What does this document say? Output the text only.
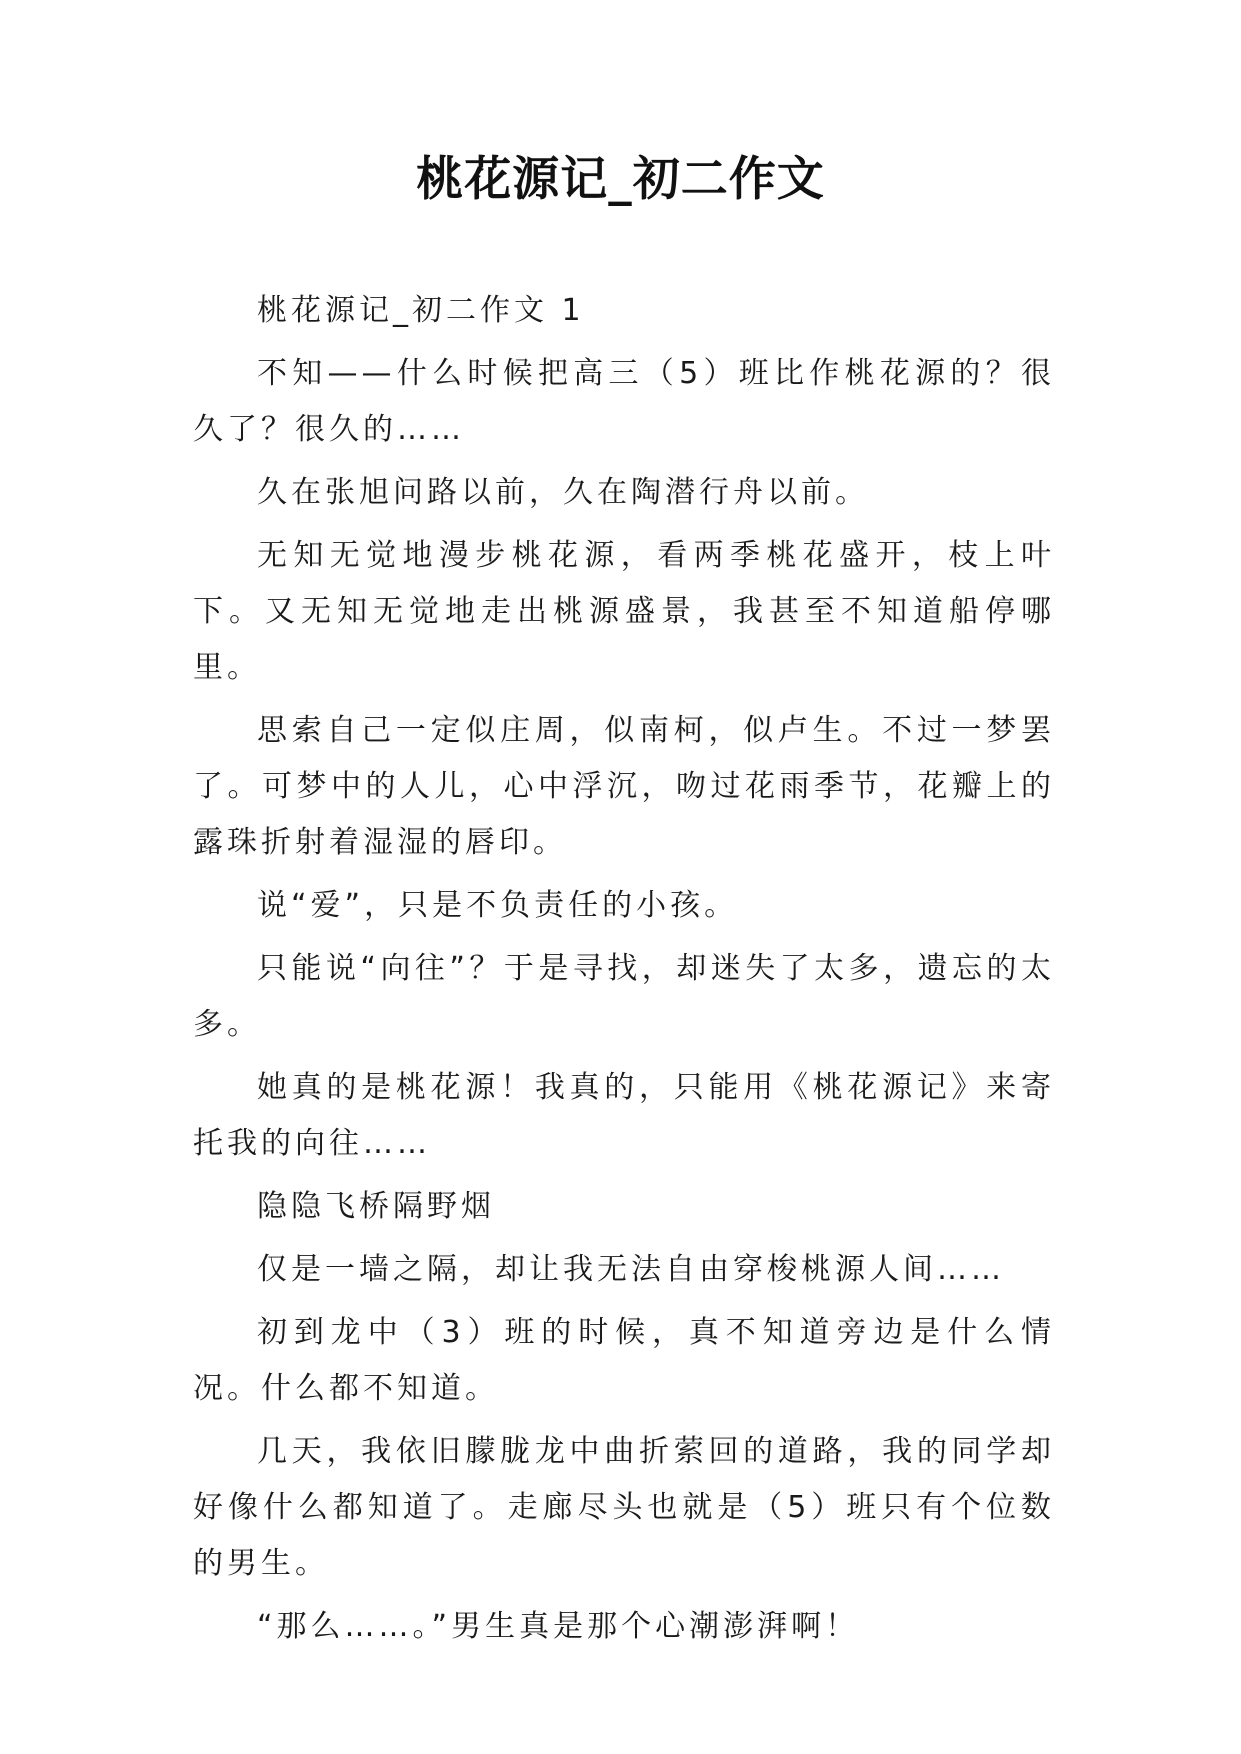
桃花源记_初二作文

桃花源记_初二作文 1

不知——什么时候把高三（5）班比作桃花源的？很久了？很久的……

久在张旭问路以前，久在陶潜行舟以前。

无知无觉地漫步桃花源，看两季桃花盛开，枝上叶下。又无知无觉地走出桃源盛景，我甚至不知道船停哪里。

思索自己一定似庄周，似南柯，似卢生。不过一梦罢了。可梦中的人儿，心中浮沉，吻过花雨季节，花瓣上的露珠折射着湿湿的唇印。

说“爱”，只是不负责任的小孩。

只能说“向往”？于是寻找，却迷失了太多，遗忘的太多。

她真的是桃花源！我真的，只能用《桃花源记》来寄托我的向往……

隐隐飞桥隔野烟

仅是一墙之隔，却让我无法自由穿梭桃源人间……

初到龙中（3）班的时候，真不知道旁边是什么情况。什么都不知道。

几天，我依旧朦胧龙中曲折萦回的道路，我的同学却好像什么都知道了。走廊尽头也就是（5）班只有个位数的男生。

“那么……。”男生真是那个心潮澎湃啊！
